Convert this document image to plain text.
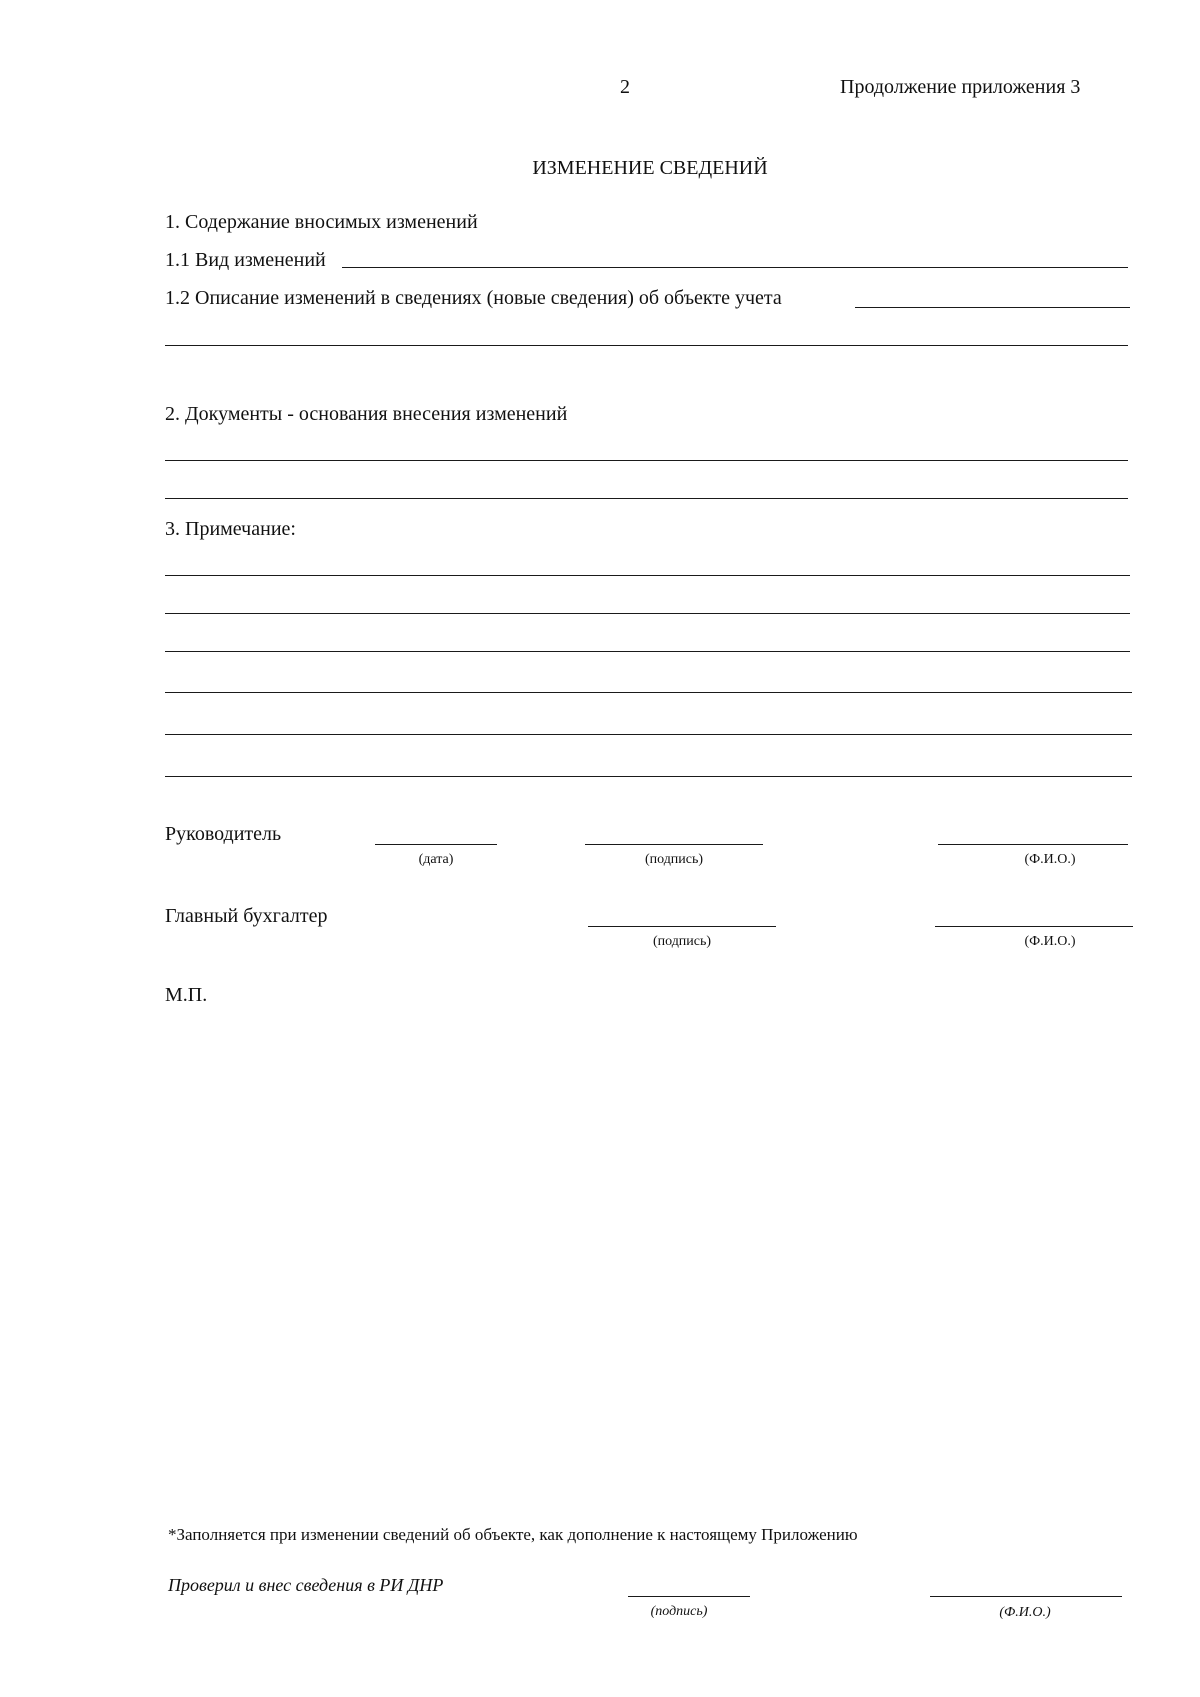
2	Продолжение приложения 3
ИЗМЕНЕНИЕ СВЕДЕНИЙ
1. Содержание вносимых изменений
1.1 Вид изменений
1.2 Описание изменений в сведениях (новые сведения) об объекте учета
2. Документы - основания внесения изменений
3. Примечание:
Руководитель
(дата)	(подпись)	(Ф.И.О.)
Главный бухгалтер
(подпись)	(Ф.И.О.)
М.П.
*Заполняется при изменении сведений об объекте, как дополнение к настоящему Приложению
Проверил и внес сведения в РИ ДНР
(подпись)	(Ф.И.О.)
